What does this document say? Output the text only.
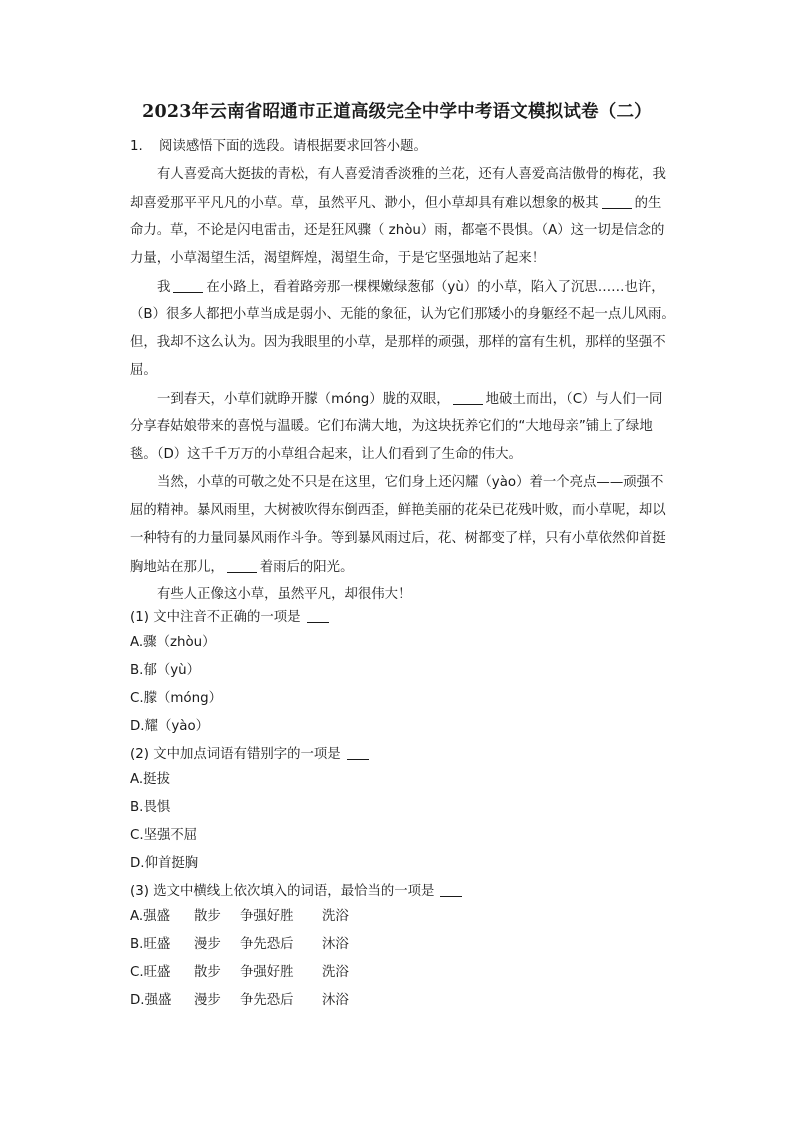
2023年云南省昭通市正道高级完全中学中考语文模拟试卷（二）
1. 阅读感悟下面的选段。请根据要求回答小题。
有人喜爱高大挺拔的青松，有人喜爱清香淡雅的兰花，还有人喜爱高洁傲骨的梅花，我
却喜爱那平平凡凡的小草。草，虽然平凡、渺小，但小草却具有难以想象的极其	的生
命力。草，不论是闪电雷击，还是狂风骤（ zhòu）雨，都毫不畏惧。（A）这一切是信念的
力量，小草渴望生活，渴望辉煌，渴望生命，于是它坚强地站了起来！
我	在小路上，看着路旁那一棵棵嫩绿葱郁（yù）的小草，陷入了沉思……也许，
（B）很多人都把小草当成是弱小、无能的象征，认为它们那矮小的身躯经不起一点儿风雨。
但，我却不这么认为。因为我眼里的小草，是那样的顽强，那样的富有生机，那样的坚强不
屈。
一到春天，小草们就睁开朦（móng）胧的双眼，	地破土而出，（C）与人们一同
分享春姑娘带来的喜悦与温暖。它们布满大地，为这块抚养它们的“大地母亲”铺上了绿地
毯。（D）这千千万万的小草组合起来，让人们看到了生命的伟大。
当然，小草的可敬之处不只是在这里，它们身上还闪耀（yào）着一个亮点——顽强不
屈的精神。暴风雨里，大树被吹得东倒西歪，鲜艳美丽的花朵已花残叶败，而小草呢，却以
一种特有的力量同暴风雨作斗争。等到暴风雨过后，花、树都变了样，只有小草依然仰首挺
胸地站在那儿，	着雨后的阳光。
有些人正像这小草，虽然平凡，却很伟大！
(1) 文中注音不正确的一项是
A.骤（zhòu）
B.郁（yù）
C.朦（móng）
D.耀（yào）
(2) 文中加点词语有错别字的一项是
A.挺拔
B.畏惧
C.坚强不屈
D.仰首挺胸
(3) 选文中横线上依次填入的词语，最恰当的一项是
A.强盛 散步 争强好胜 洗浴
B.旺盛 漫步 争先恐后 沐浴
C.旺盛 散步 争强好胜 洗浴
D.强盛 漫步 争先恐后 沐浴
